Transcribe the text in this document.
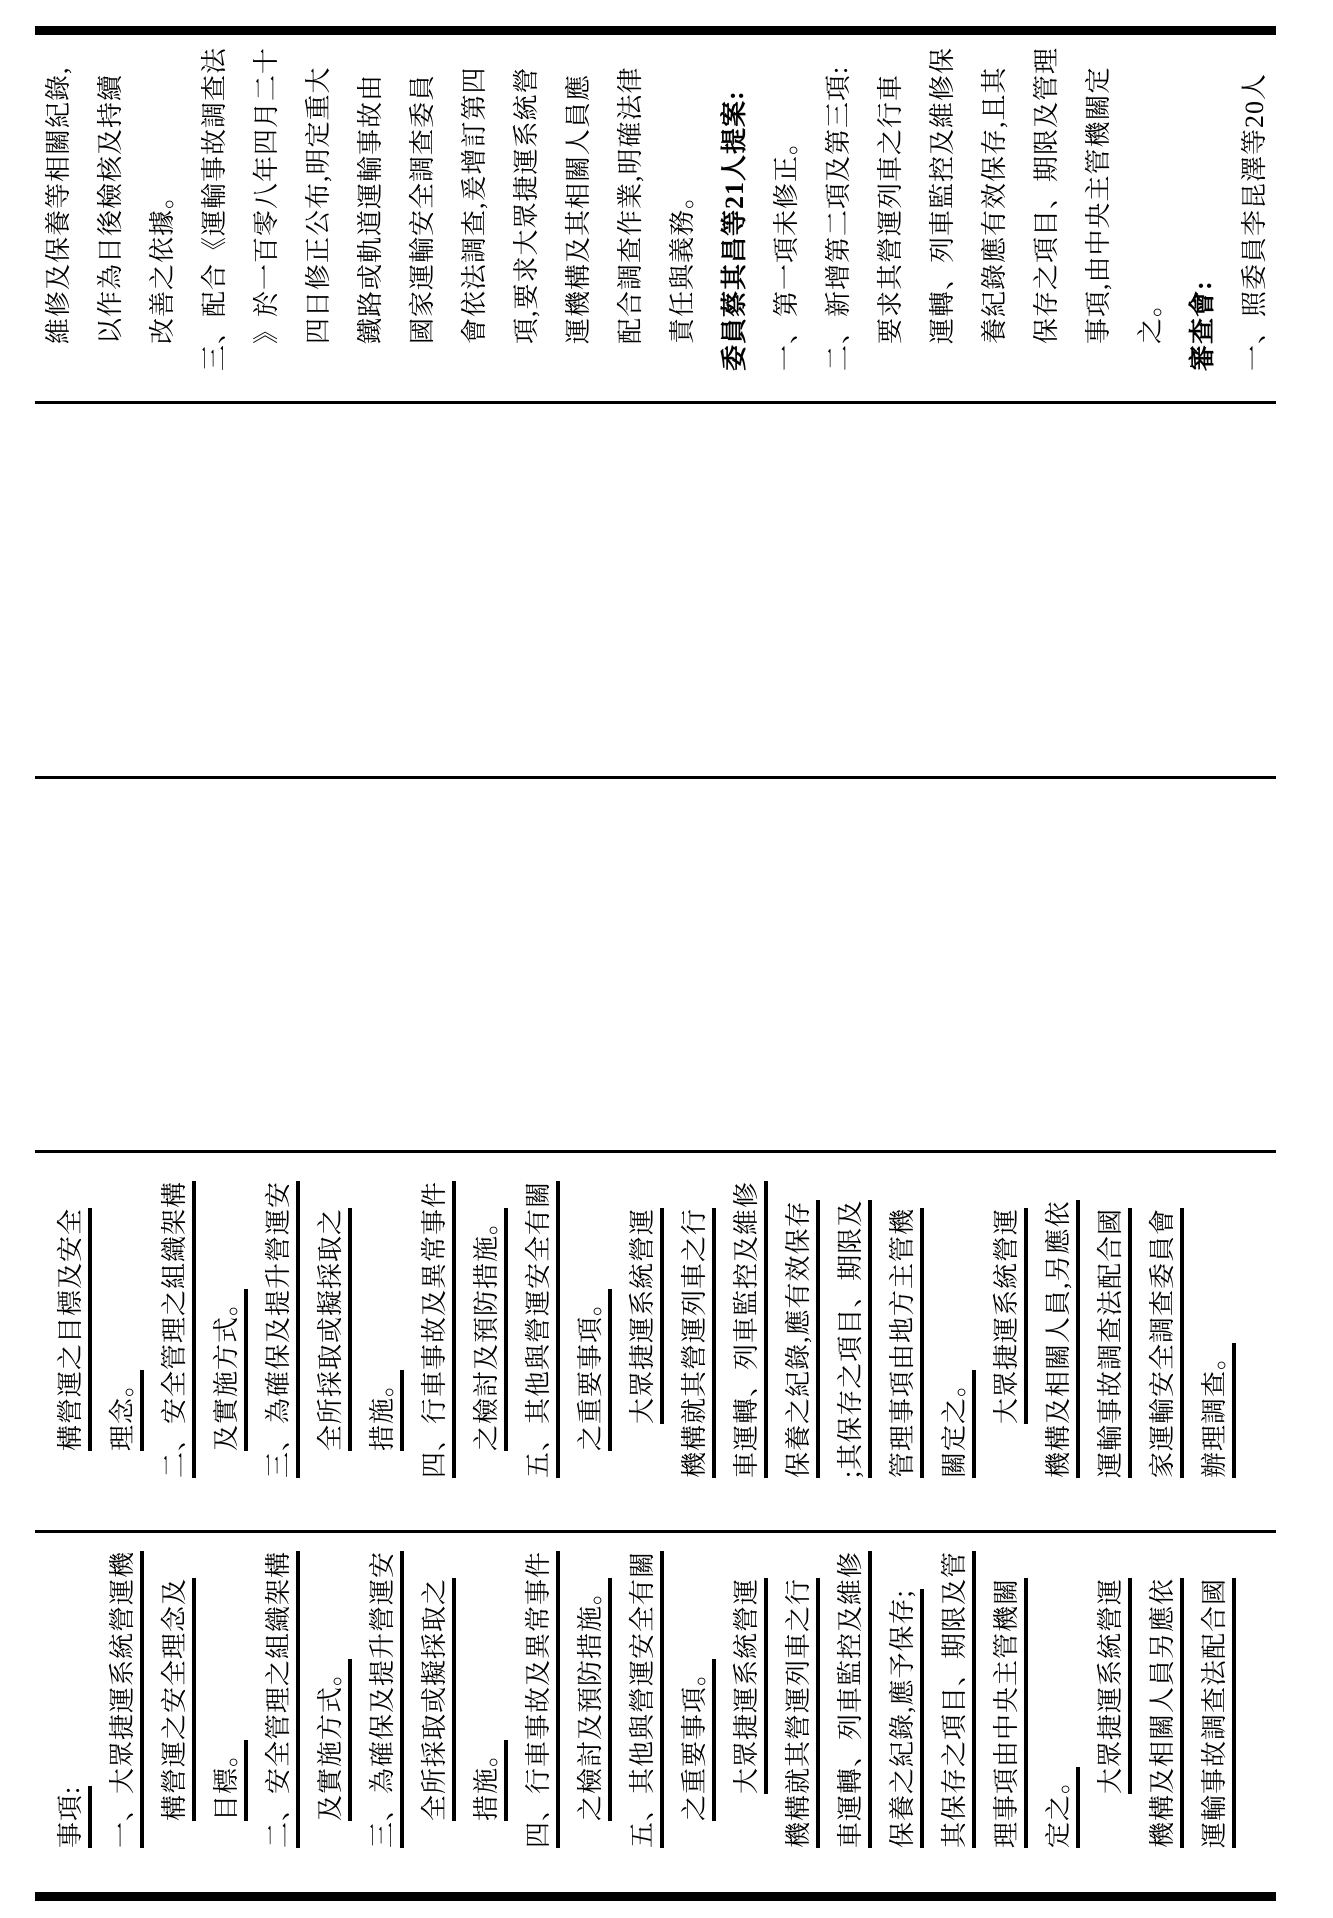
事項: 一、大眾捷運系統營運機 構營運之安全理念及 目標。 二、安全管理之組織架構 及實施方式。 三、為確保及提升營運安 全所採取或擬採取之 措施。 四、行車事故及異常事件 之檢討及預防措施。 五、其他與營運安全有關 之重要事項。 大眾捷運系統營運 機構就其營運列車之行 車運轉、列車監控及維修 保養之紀錄,應予保存; 其保存之項目、期限及管 理事項由中央主管機關 定之。
大眾捷運系統營運 機構及相關人員另應依 運輸事故調查法配合國
構營運之目標及安全 理念。 二、安全管理之組織架構 及實施方式。 三、為確保及提升營運安 全所採取或擬採取之 措施。 四、行車事故及異常事件 之檢討及預防措施。 五、其他與營運安全有關 之重要事項。 大眾捷運系統營運 機構就其營運列車之行 車運轉、列車監控及維修 保養之紀錄,應有效保存 ;其保存之項目、期限及 管理事項由地方主管機 關定之。 大眾捷運系統營運 機構及相關人員,另應依 運輸事故調查法配合國 家運輸安全調查委員會 辦理調查。
維修及保養等相關紀錄, 以作為日後檢核及持續 改善之依據。 三、配合《運輸事故調查法 》於一百零八年四月二十 四日修正公布,明定重大 鐵路或軌道運輸事故由 國家運輸安全調查委員 會依法調查,爰增訂第四 項,要求大眾捷運系統營 運機構及其相關人員應 配合調查作業,明確法律 責任與義務。 委員蔡其昌等21人提案: 一、第一項未修正。 二、新增第二項及第三項: 要求其營運列車之行車 運轉、列車監控及維修保 養紀錄應有效保存,且其 保存之項目、期限及管理 事項,由中央主管機關定 之。 審查會: 一、照委員李昆澤等20人
